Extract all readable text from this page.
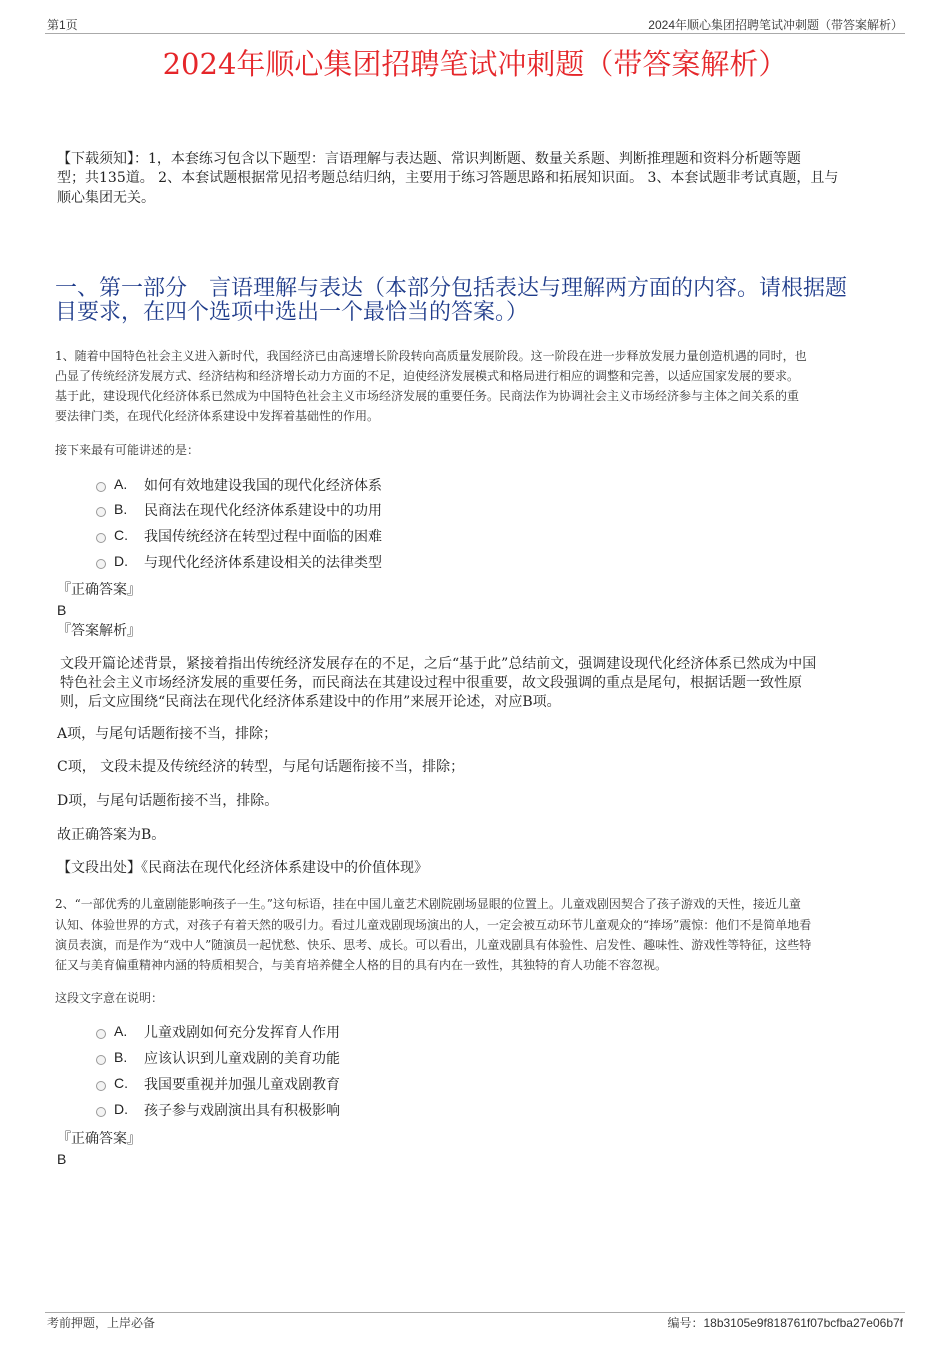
第1页	2024年顺心集团招聘笔试冲刺题（带答案解析）
2024年顺心集团招聘笔试冲刺题（带答案解析）
【下载须知】：1，本套练习包含以下题型：言语理解与表达题、常识判断题、数量关系题、判断推理题和资料分析题等题
型；共135道。 2、本套试题根据常见招考题总结归纳，主要用于练习答题思路和拓展知识面。 3、本套试题非考试真题，且与
顺心集团无关。
一、第一部分　言语理解与表达（本部分包括表达与理解两方面的内容。请根据题
目要求，在四个选项中选出一个最恰当的答案。）
1、随着中国特色社会主义进入新时代，我国经济已由高速增长阶段转向高质量发展阶段。这一阶段在进一步释放发展力量创造机遇的同时，也
凸显了传统经济发展方式、经济结构和经济增长动力方面的不足，迫使经济发展模式和格局进行相应的调整和完善，以适应国家发展的要求。
基于此，建设现代化经济体系已然成为中国特色社会主义市场经济发展的重要任务。民商法作为协调社会主义市场经济参与主体之间关系的重
要法律门类，在现代化经济体系建设中发挥着基础性的作用。
接下来最有可能讲述的是：
A. 如何有效地建设我国的现代化经济体系
B. 民商法在现代化经济体系建设中的功用
C. 我国传统经济在转型过程中面临的困难
D. 与现代化经济体系建设相关的法律类型
『正确答案』
B
『答案解析』
文段开篇论述背景，紧接着指出传统经济发展存在的不足，之后“基于此”总结前文，强调建设现代化经济体系已然成为中国
特色社会主义市场经济发展的重要任务，而民商法在其建设过程中很重要，故文段强调的重点是尾句，根据话题一致性原
则，后文应围绕“民商法在现代化经济体系建设中的作用”来展开论述，对应B项。
A项，与尾句话题衔接不当，排除；
C项， 文段未提及传统经济的转型，与尾句话题衔接不当，排除；
D项，与尾句话题衔接不当，排除。
故正确答案为B。
【文段出处】《民商法在现代化经济体系建设中的价值体现》
2、“一部优秀的儿童剧能影响孩子一生。”这句标语，挂在中国儿童艺术剧院剧场显眼的位置上。儿童戏剧因契合了孩子游戏的天性，接近儿童
认知、体验世界的方式，对孩子有着天然的吸引力。看过儿童戏剧现场演出的人，一定会被互动环节儿童观众的“捧场”震惊：他们不是简单地看
演员表演，而是作为“戏中人”随演员一起忧愁、快乐、思考、成长。可以看出，儿童戏剧具有体验性、启发性、趣味性、游戏性等特征，这些特
征又与美育偏重精神内涵的特质相契合，与美育培养健全人格的目的具有内在一致性，其独特的育人功能不容忽视。
这段文字意在说明：
A. 儿童戏剧如何充分发挥育人作用
B. 应该认识到儿童戏剧的美育功能
C. 我国要重视并加强儿童戏剧教育
D. 孩子参与戏剧演出具有积极影响
『正确答案』
B
考前押题，上岸必备	编号：18b3105e9f818761f07bcfba27e06b7f
